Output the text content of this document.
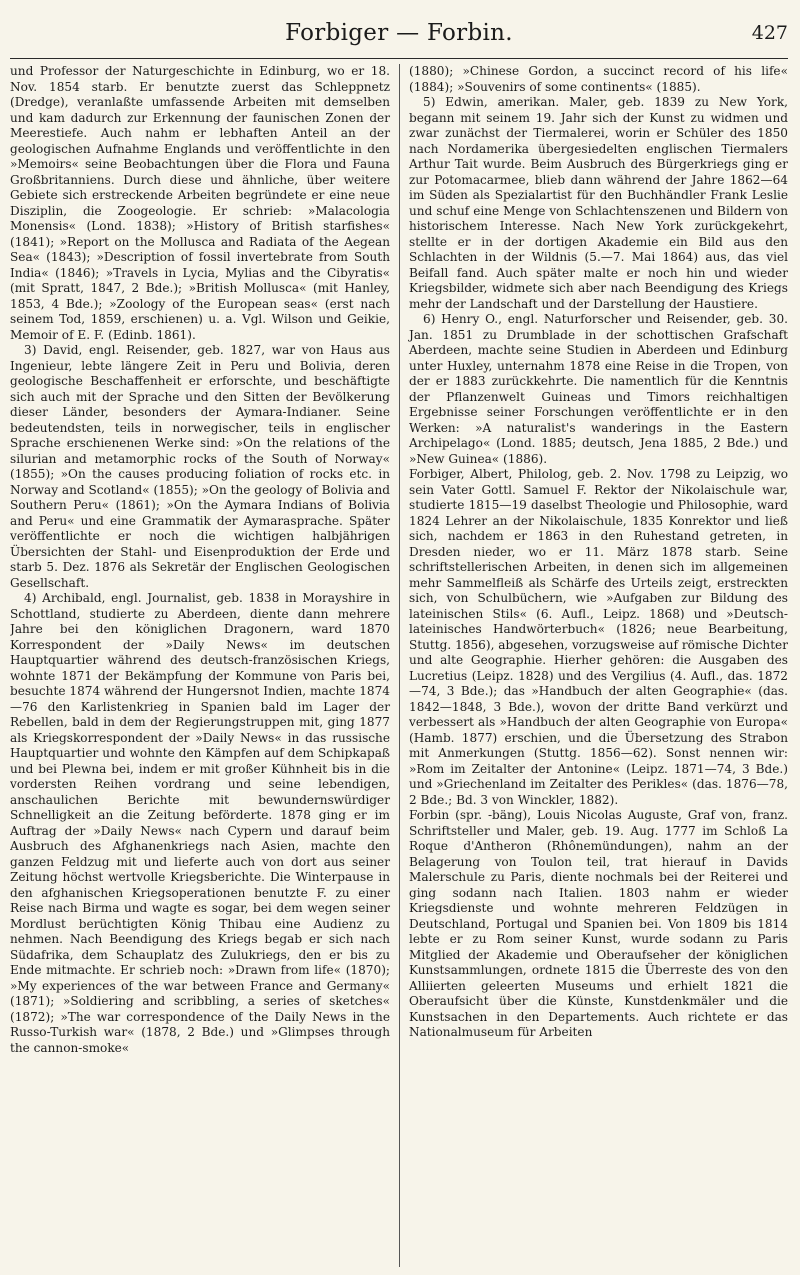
Forbiger — Forbin.	427

und Professor der Naturgeschichte in Edinburg, wo er 18. Nov. 1854 starb. Er benutzte zuerst das Schleppnetz (Dredge), veranlaßte umfassende Arbeiten mit demselben und kam dadurch zur Erkennung der faunischen Zonen der Meerestiefe. Auch nahm er lebhaften Anteil an der geologischen Aufnahme Englands und veröffentlichte in den »Memoirs« seine Beobachtungen über die Flora und Fauna Großbritanniens. Durch diese und ähnliche, über weitere Gebiete sich erstreckende Arbeiten begründete er eine neue Disziplin, die Zoogeologie. Er schrieb: »Malacologia Monensis« (Lond. 1838); »History of British starfishes« (1841); »Report on the Mollusca and Radiata of the Aegean Sea« (1843); »Description of fossil invertebrate from South India« (1846); »Travels in Lycia, Mylias and the Cibyratis« (mit Spratt, 1847, 2 Bde.); »British Mollusca« (mit Hanley, 1853, 4 Bde.); »Zoology of the European seas« (erst nach seinem Tod, 1859, erschienen) u. a. Vgl. Wilson und Geikie, Memoir of E. F. (Edinb. 1861).

3) David, engl. Reisender, geb. 1827, war von Haus aus Ingenieur, lebte längere Zeit in Peru und Bolivia, deren geologische Beschaffenheit er erforschte, und beschäftigte sich auch mit der Sprache und den Sitten der Bevölkerung dieser Länder, besonders der Aymara-Indianer. Seine bedeutendsten, teils in norwegischer, teils in englischer Sprache erschienenen Werke sind: »On the relations of the silurian and metamorphic rocks of the South of Norway« (1855); »On the causes producing foliation of rocks etc. in Norway and Scotland« (1855); »On the geology of Bolivia and Southern Peru« (1861); »On the Aymara Indians of Bolivia and Peru« und eine Grammatik der Aymarasprache. Später veröffentlichte er noch die wichtigen halbjährigen Übersichten der Stahl- und Eisenproduktion der Erde und starb 5. Dez. 1876 als Sekretär der Englischen Geologischen Gesellschaft.

4) Archibald, engl. Journalist, geb. 1838 in Morayshire in Schottland, studierte zu Aberdeen, diente dann mehrere Jahre bei den königlichen Dragonern, ward 1870 Korrespondent der »Daily News« im deutschen Hauptquartier während des deutsch-französischen Kriegs, wohnte 1871 der Bekämpfung der Kommune von Paris bei, besuchte 1874 während der Hungersnot Indien, machte 1874—76 den Karlistenkrieg in Spanien bald im Lager der Rebellen, bald in dem der Regierungstruppen mit, ging 1877 als Kriegskorrespondent der »Daily News« in das russische Hauptquartier und wohnte den Kämpfen auf dem Schipkapaß und bei Plewna bei, indem er mit großer Kühnheit bis in die vordersten Reihen vordrang und seine lebendigen, anschaulichen Berichte mit bewundernswürdiger Schnelligkeit an die Zeitung beförderte. 1878 ging er im Auftrag der »Daily News« nach Cypern und darauf beim Ausbruch des Afghanenkriegs nach Asien, machte den ganzen Feldzug mit und lieferte auch von dort aus seiner Zeitung höchst wertvolle Kriegsberichte. Die Winterpause in den afghanischen Kriegsoperationen benutzte F. zu einer Reise nach Birma und wagte es sogar, bei dem wegen seiner Mordlust berüchtigten König Thibau eine Audienz zu nehmen. Nach Beendigung des Kriegs begab er sich nach Südafrika, dem Schauplatz des Zulukriegs, den er bis zu Ende mitmachte. Er schrieb noch: »Drawn from life« (1870); »My experiences of the war between France and Germany« (1871); »Soldiering and scribbling, a series of sketches« (1872); »The war correspondence of the Daily News in the Russo-Turkish war« (1878, 2 Bde.) und »Glimpses through the cannon-smoke«

(1880); »Chinese Gordon, a succinct record of his life« (1884); »Souvenirs of some continents« (1885).

5) Edwin, amerikan. Maler, geb. 1839 zu New York, begann mit seinem 19. Jahr sich der Kunst zu widmen und zwar zunächst der Tiermalerei, worin er Schüler des 1850 nach Nordamerika übergesiedelten englischen Tiermalers Arthur Tait wurde. Beim Ausbruch des Bürgerkriegs ging er zur Potomacarmee, blieb dann während der Jahre 1862—64 im Süden als Spezialartist für den Buchhändler Frank Leslie und schuf eine Menge von Schlachtenszenen und Bildern von historischem Interesse. Nach New York zurückgekehrt, stellte er in der dortigen Akademie ein Bild aus den Schlachten in der Wildnis (5.—7. Mai 1864) aus, das viel Beifall fand. Auch später malte er noch hin und wieder Kriegsbilder, widmete sich aber nach Beendigung des Kriegs mehr der Landschaft und der Darstellung der Haustiere.

6) Henry O., engl. Naturforscher und Reisender, geb. 30. Jan. 1851 zu Drumblade in der schottischen Grafschaft Aberdeen, machte seine Studien in Aberdeen und Edinburg unter Huxley, unternahm 1878 eine Reise in die Tropen, von der er 1883 zurückkehrte. Die namentlich für die Kenntnis der Pflanzenwelt Guineas und Timors reichhaltigen Ergebnisse seiner Forschungen veröffentlichte er in den Werken: »A naturalist's wanderings in the Eastern Archipelago« (Lond. 1885; deutsch, Jena 1885, 2 Bde.) und »New Guinea« (1886).

Forbiger, Albert, Philolog, geb. 2. Nov. 1798 zu Leipzig, wo sein Vater Gottl. Samuel F. Rektor der Nikolaischule war, studierte 1815—19 daselbst Theologie und Philosophie, ward 1824 Lehrer an der Nikolaischule, 1835 Konrektor und ließ sich, nachdem er 1863 in den Ruhestand getreten, in Dresden nieder, wo er 11. März 1878 starb. Seine schriftstellerischen Arbeiten, in denen sich im allgemeinen mehr Sammelfleiß als Schärfe des Urteils zeigt, erstreckten sich, von Schulbüchern, wie »Aufgaben zur Bildung des lateinischen Stils« (6. Aufl., Leipz. 1868) und »Deutsch-lateinisches Handwörterbuch« (1826; neue Bearbeitung, Stuttg. 1856), abgesehen, vorzugsweise auf römische Dichter und alte Geographie. Hierher gehören: die Ausgaben des Lucretius (Leipz. 1828) und des Vergilius (4. Aufl., das. 1872—74, 3 Bde.); das »Handbuch der alten Geographie« (das. 1842—1848, 3 Bde.), wovon der dritte Band verkürzt und verbessert als »Handbuch der alten Geographie von Europa« (Hamb. 1877) erschien, und die Übersetzung des Strabon mit Anmerkungen (Stuttg. 1856—62). Sonst nennen wir: »Rom im Zeitalter der Antonine« (Leipz. 1871—74, 3 Bde.) und »Griechenland im Zeitalter des Perikles« (das. 1876—78, 2 Bde.; Bd. 3 von Winckler, 1882).

Forbin (spr. -bäng), Louis Nicolas Auguste, Graf von, franz. Schriftsteller und Maler, geb. 19. Aug. 1777 im Schloß La Roque d'Antheron (Rhônemündungen), nahm an der Belagerung von Toulon teil, trat hierauf in Davids Malerschule zu Paris, diente nochmals bei der Reiterei und ging sodann nach Italien. 1803 nahm er wieder Kriegsdienste und wohnte mehreren Feldzügen in Deutschland, Portugal und Spanien bei. Von 1809 bis 1814 lebte er zu Rom seiner Kunst, wurde sodann zu Paris Mitglied der Akademie und Oberaufseher der königlichen Kunstsammlungen, ordnete 1815 die Überreste des von den Alliierten geleerten Museums und erhielt 1821 die Oberaufsicht über die Künste, Kunstdenkmäler und die Kunstsachen in den Departements. Auch richtete er das Nationalmuseum für Arbeiten
